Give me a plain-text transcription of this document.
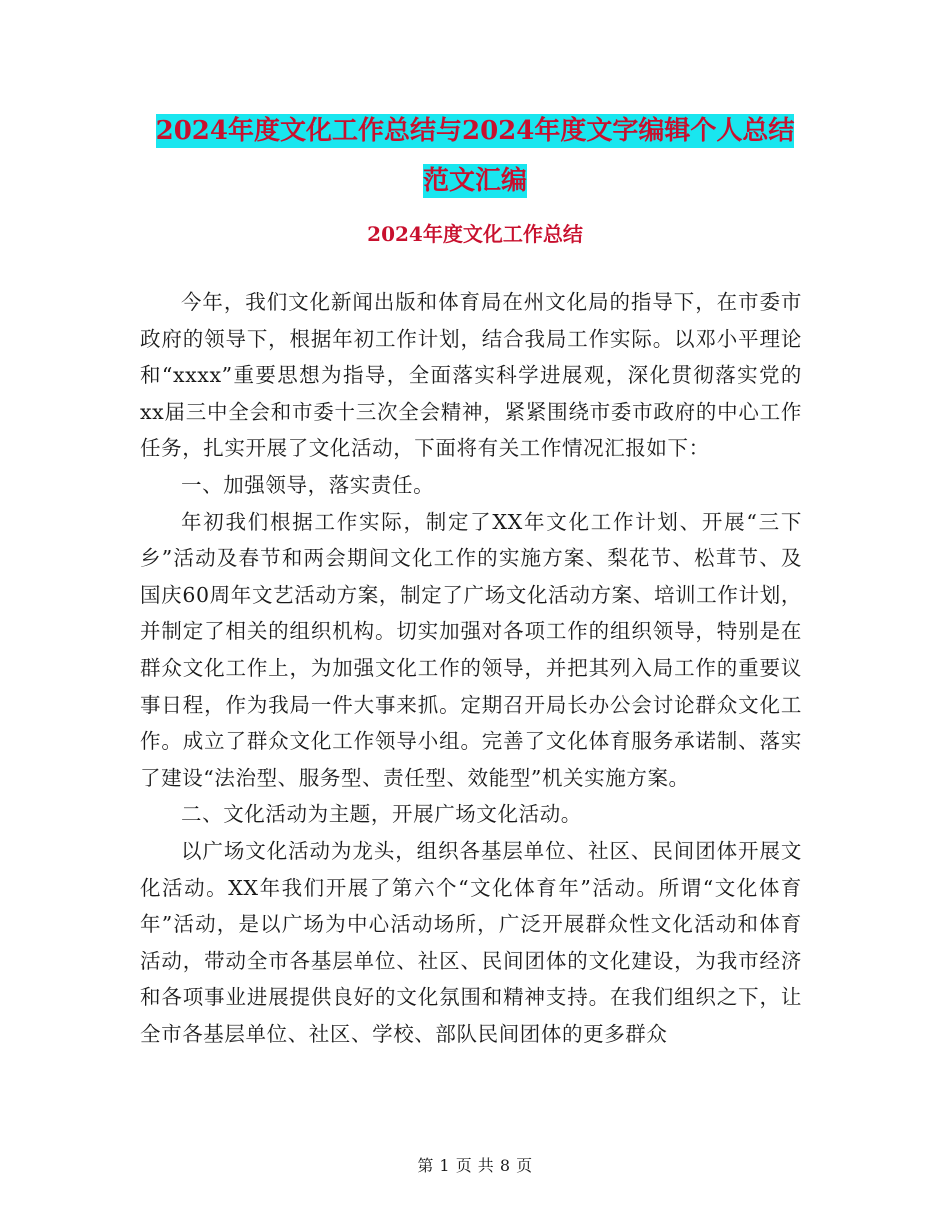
2024年度文化工作总结与2024年度文字编辑个人总结
范文汇编
2024年度文化工作总结

今年，我们文化新闻出版和体育局在州文化局的指导下，在市委市政府的领导下，根据年初工作计划，结合我局工作实际。以邓小平理论和“xxxx”重要思想为指导，全面落实科学进展观，深化贯彻落实党的xx届三中全会和市委十三次全会精神，紧紧围绕市委市政府的中心工作任务，扎实开展了文化活动，下面将有关工作情况汇报如下：

一、加强领导，落实责任。

年初我们根据工作实际，制定了XX年文化工作计划、开展“三下乡”活动及春节和两会期间文化工作的实施方案、梨花节、松茸节、及国庆60周年文艺活动方案，制定了广场文化活动方案、培训工作计划，并制定了相关的组织机构。切实加强对各项工作的组织领导，特别是在群众文化工作上，为加强文化工作的领导，并把其列入局工作的重要议事日程，作为我局一件大事来抓。定期召开局长办公会讨论群众文化工作。成立了群众文化工作领导小组。完善了文化体育服务承诺制、落实了建设“法治型、服务型、责任型、效能型”机关实施方案。

二、文化活动为主题，开展广场文化活动。

以广场文化活动为龙头，组织各基层单位、社区、民间团体开展文化活动。XX年我们开展了第六个“文化体育年”活动。所谓“文化体育年”活动，是以广场为中心活动场所，广泛开展群众性文化活动和体育活动，带动全市各基层单位、社区、民间团体的文化建设，为我市经济和各项事业进展提供良好的文化氛围和精神支持。在我们组织之下，让全市各基层单位、社区、学校、部队民间团体的更多群众

第 1 页 共 8 页
